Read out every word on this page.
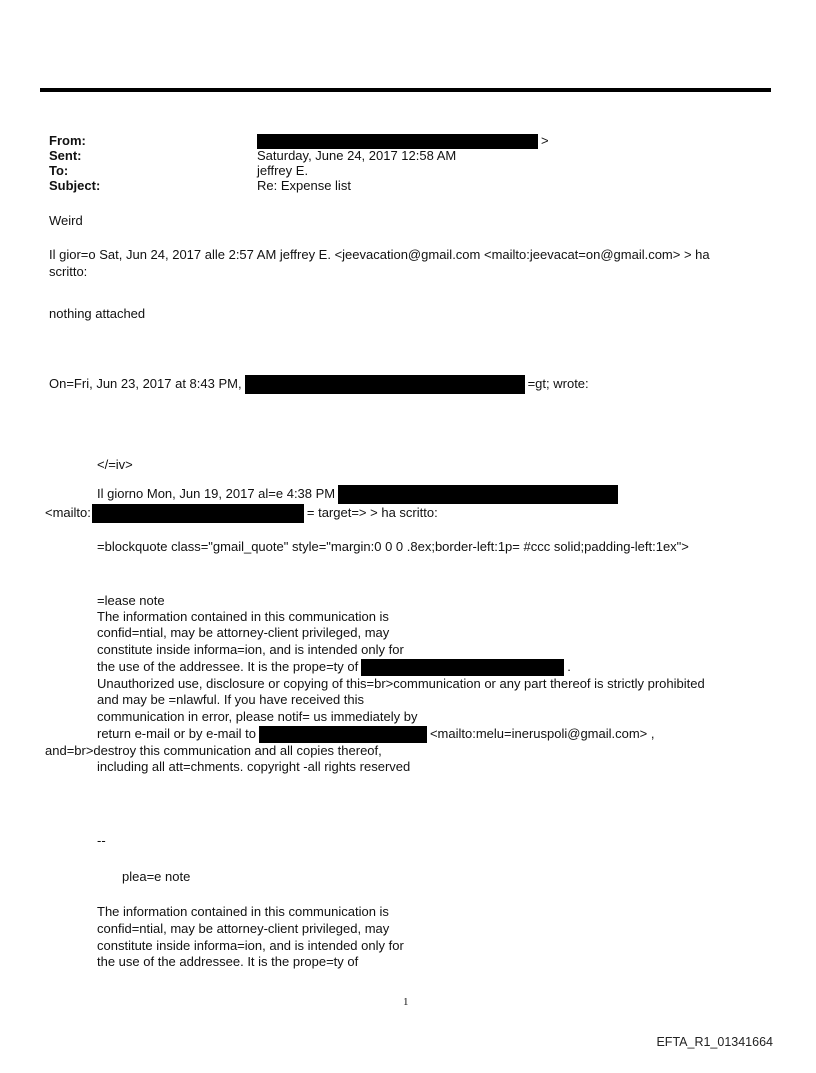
From:	>
Sent:	Saturday, June 24, 2017 12:58 AM
To:	jeffrey E.
Subject:	Re: Expense list
Weird
Il gior=o Sat, Jun 24, 2017 alle 2:57 AM jeffrey E. <jeevacation@gmail.com <mailto:jeevacat=on@gmail.com> > ha
scritto:
nothing attached
On=Fri, Jun 23, 2017 at 8:43 PM,	=gt; wrote:
</=iv>
Il giorno Mon, Jun 19, 2017 al=e 4:38 PM
<mailto:	= target=> > ha scritto:
=blockquote class="gmail_quote" style="margin:0 0 0 .8ex;border-left:1p= #ccc solid;padding-left:1ex">
=lease note
The information contained in this communication is
confid=ntial, may be attorney-client privileged, may
constitute inside informa=ion, and is intended only for
the use of the addressee. It is the prope=ty of	.
Unauthorized use, disclosure or copying of this=br>communication or any part thereof is strictly prohibited
and may be =nlawful. If you have received this
communication in error, please notif= us immediately by
return e-mail or by e-mail to	<mailto:melu=ineruspoli@gmail.com> ,
and=br>destroy this communication and all copies thereof,
including all att=chments. copyright -all rights reserved
--
plea=e note
The information contained in this communication is
confid=ntial, may be attorney-client privileged, may
constitute inside informa=ion, and is intended only for
the use of the addressee. It is the prope=ty of
1
EFTA_R1_01341664
